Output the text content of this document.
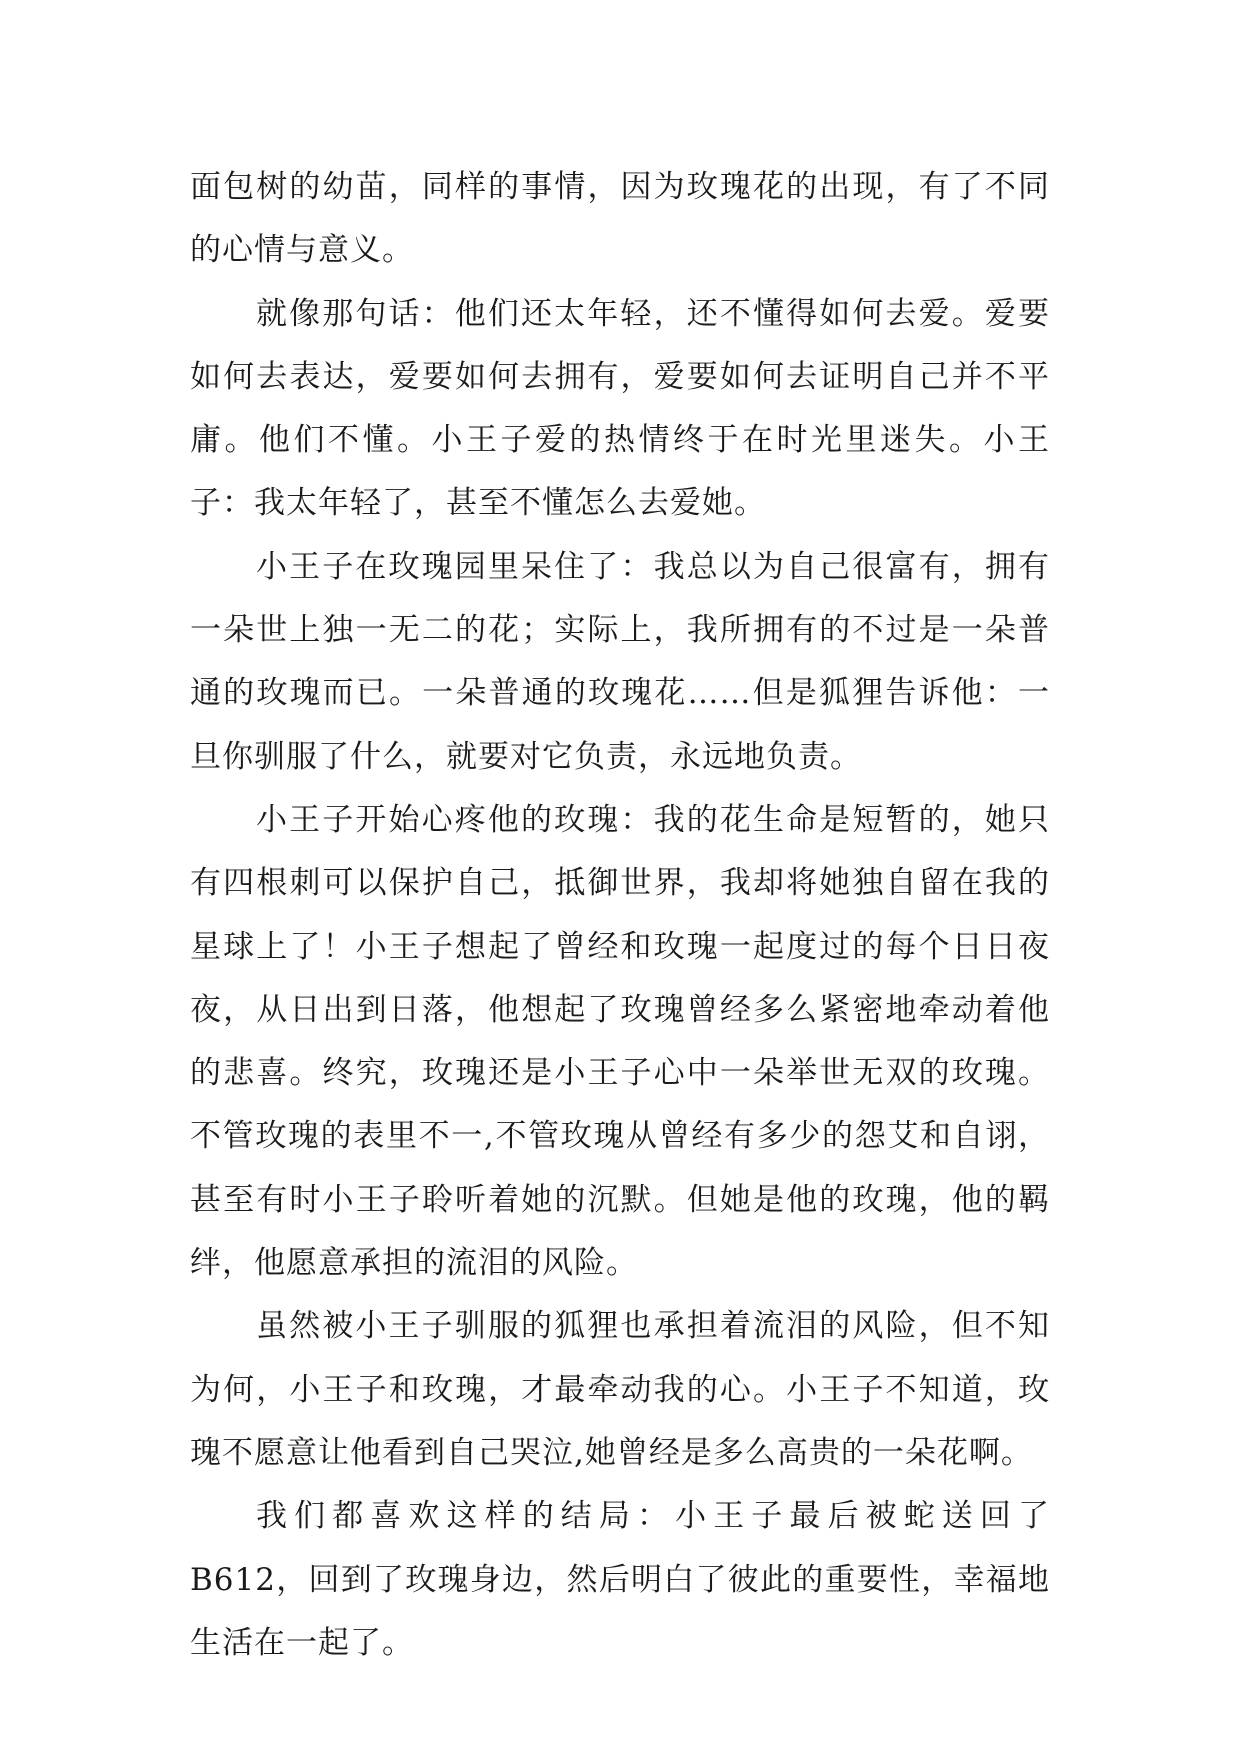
面包树的幼苗，同样的事情，因为玫瑰花的出现，有了不同的心情与意义。

就像那句话：他们还太年轻，还不懂得如何去爱。爱要如何去表达，爱要如何去拥有，爱要如何去证明自己并不平庸。他们不懂。小王子爱的热情终于在时光里迷失。小王子：我太年轻了，甚至不懂怎么去爱她。

小王子在玫瑰园里呆住了：我总以为自己很富有，拥有一朵世上独一无二的花；实际上，我所拥有的不过是一朵普通的玫瑰而已。一朵普通的玫瑰花……但是狐狸告诉他：一旦你驯服了什么，就要对它负责，永远地负责。

小王子开始心疼他的玫瑰：我的花生命是短暂的，她只有四根刺可以保护自己，抵御世界，我却将她独自留在我的星球上了！小王子想起了曾经和玫瑰一起度过的每个日日夜夜，从日出到日落，他想起了玫瑰曾经多么紧密地牵动着他的悲喜。终究，玫瑰还是小王子心中一朵举世无双的玫瑰。不管玫瑰的表里不一,不管玫瑰从曾经有多少的怨艾和自诩，甚至有时小王子聆听着她的沉默。但她是他的玫瑰，他的羁绊，他愿意承担的流泪的风险。

虽然被小王子驯服的狐狸也承担着流泪的风险，但不知为何，小王子和玫瑰，才最牵动我的心。小王子不知道，玫瑰不愿意让他看到自己哭泣,她曾经是多么高贵的一朵花啊。

我们都喜欢这样的结局：小王子最后被蛇送回了 B612，回到了玫瑰身边，然后明白了彼此的重要性，幸福地生活在一起了。
